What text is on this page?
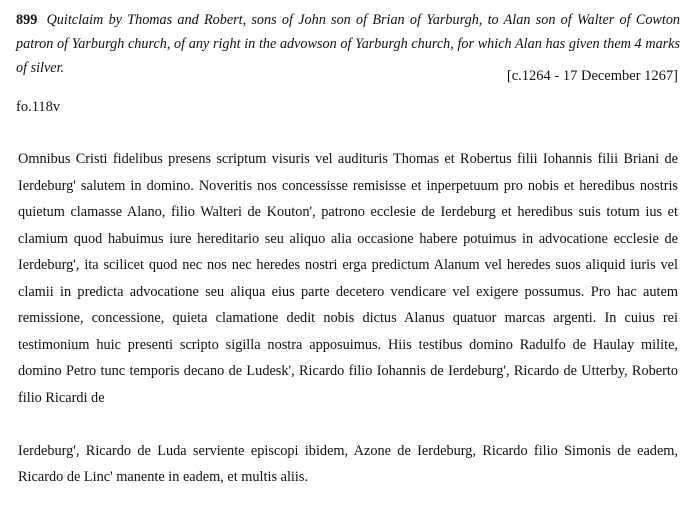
899 Quitclaim by Thomas and Robert, sons of John son of Brian of Yarburgh, to Alan son of Walter of Cowton patron of Yarburgh church, of any right in the advowson of Yarburgh church, for which Alan has given them 4 marks of silver.	[c.1264 - 17 December 1267]
fo.118v

Omnibus Cristi fidelibus presens scriptum visuris vel audituris Thomas et Robertus filii Iohannis filii Briani de Ierdeburg' salutem in domino. Noveritis nos concessisse remisisse et inperpetuum pro nobis et heredibus nostris quietum clamasse Alano, filio Walteri de Kouton', patrono ecclesie de Ierdeburg et heredibus suis totum ius et clamium quod habuimus iure hereditario seu aliquo alia occasione habere potuimus in advocatione ecclesie de Ierdeburg', ita scilicet quod nec nos nec heredes nostri erga predictum Alanum vel heredes suos aliquid iuris vel clamii in predicta advocatione seu aliqua eius parte decetero vendicare vel exigere possumus. Pro hac autem remissione, concessione, quieta clamatione dedit nobis dictus Alanus quatuor marcas argenti. In cuius rei testimonium huic presenti scripto sigilla nostra apposuimus. Hiis testibus domino Radulfo de Haulay milite, domino Petro tunc temporis decano de Ludesk', Ricardo filio Iohannis de Ierdeburg', Ricardo de Utterby, Roberto filio Ricardi de

Ierdeburg', Ricardo de Luda serviente episcopi ibidem, Azone de Ierdeburg, Ricardo filio Simonis de eadem, Ricardo de Linc' manente in eadem, et multis aliis.
